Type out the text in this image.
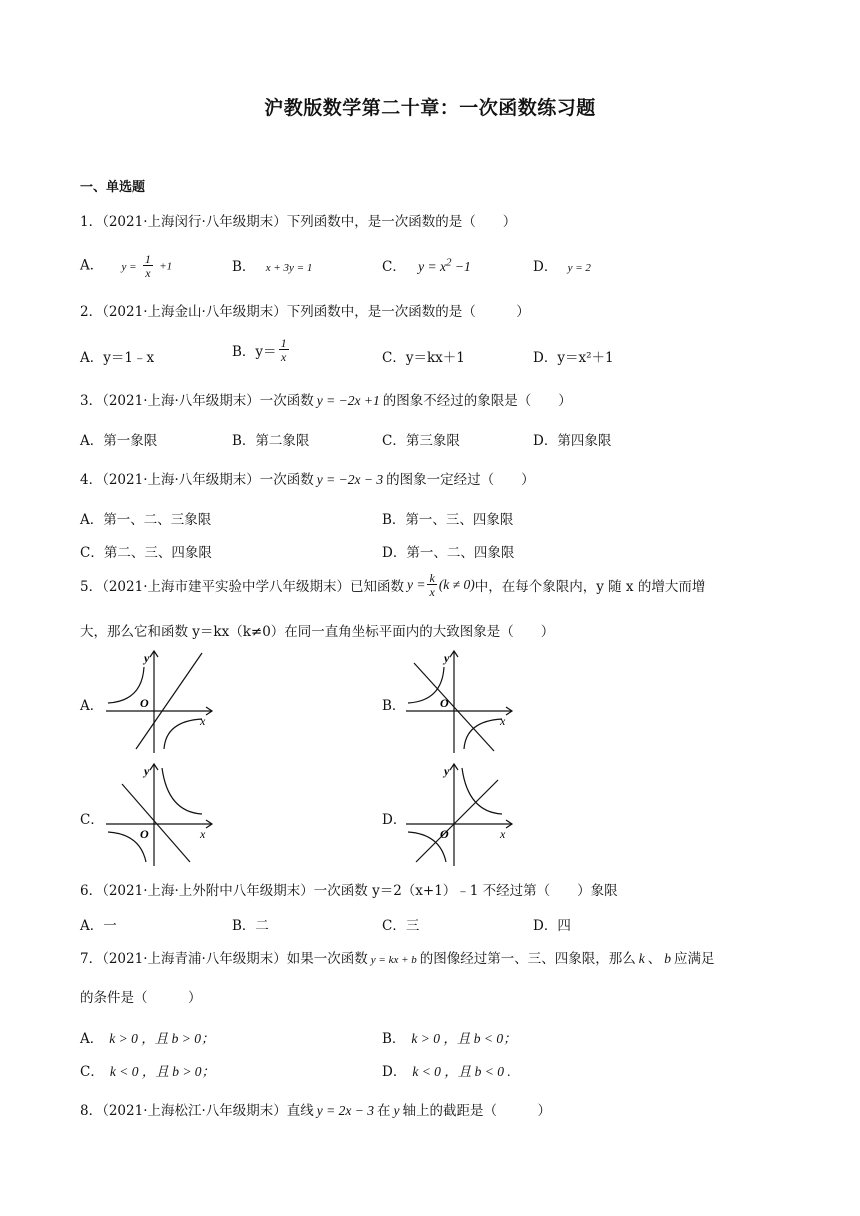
沪教版数学第二十章：一次函数练习题
一、单选题
1．（2021·上海闵行·八年级期末）下列函数中，是一次函数的是（　　）
A． $y = \frac{1}{x} +1$	B． x + 3y = 1	C． $y = x^2 -1$	D． y = 2
2．（2021·上海金山·八年级期末）下列函数中，是一次函数的是（　　　）
A．y＝1﹣x	B．$y= \frac{1}{x}$	C．y＝kx＋1	D．y＝x²＋1
3．（2021·上海·八年级期末）一次函数 y = −2x +1 的图象不经过的象限是（　　）
A．第一象限	B．第二象限	C．第三象限	D．第四象限
4．（2021·上海·八年级期末）一次函数 y = −2x − 3 的图象一定经过（　　）
A．第一、二、三象限	B．第一、三、四象限
C．第二、三、四象限	D．第一、二、四象限
5．（2021·上海市建平实验中学八年级期末）已知函数 $y = \frac{k}{x} (k \ne 0)$中，在每个象限内，y 随 x 的增大而增
大，那么它和函数 y＝kx（k≠0）在同一直角坐标平面内的大致图象是（　　）
A．	B．
C．	D．
y
O
x
y
O
x
y
O	x
y
O	x
6．（2021·上海·上外附中八年级期末）一次函数 y＝2（x+1）﹣1 不经过第（　　）象限
A．一	B．二	C．三	D．四
7．（2021·上海青浦·八年级期末）如果一次函数 y = kx + b 的图像经过第一、三、四象限，那么 k 、 b 应满足
的条件是（　　　）
A． k > 0 ，且 b > 0；	B． k > 0 ，且 b < 0；
C． k < 0 ，且 b > 0；	D． k < 0 ，且 b < 0 .
8．（2021·上海松江·八年级期末）直线 y = 2x − 3 在 y 轴上的截距是（　　　）
